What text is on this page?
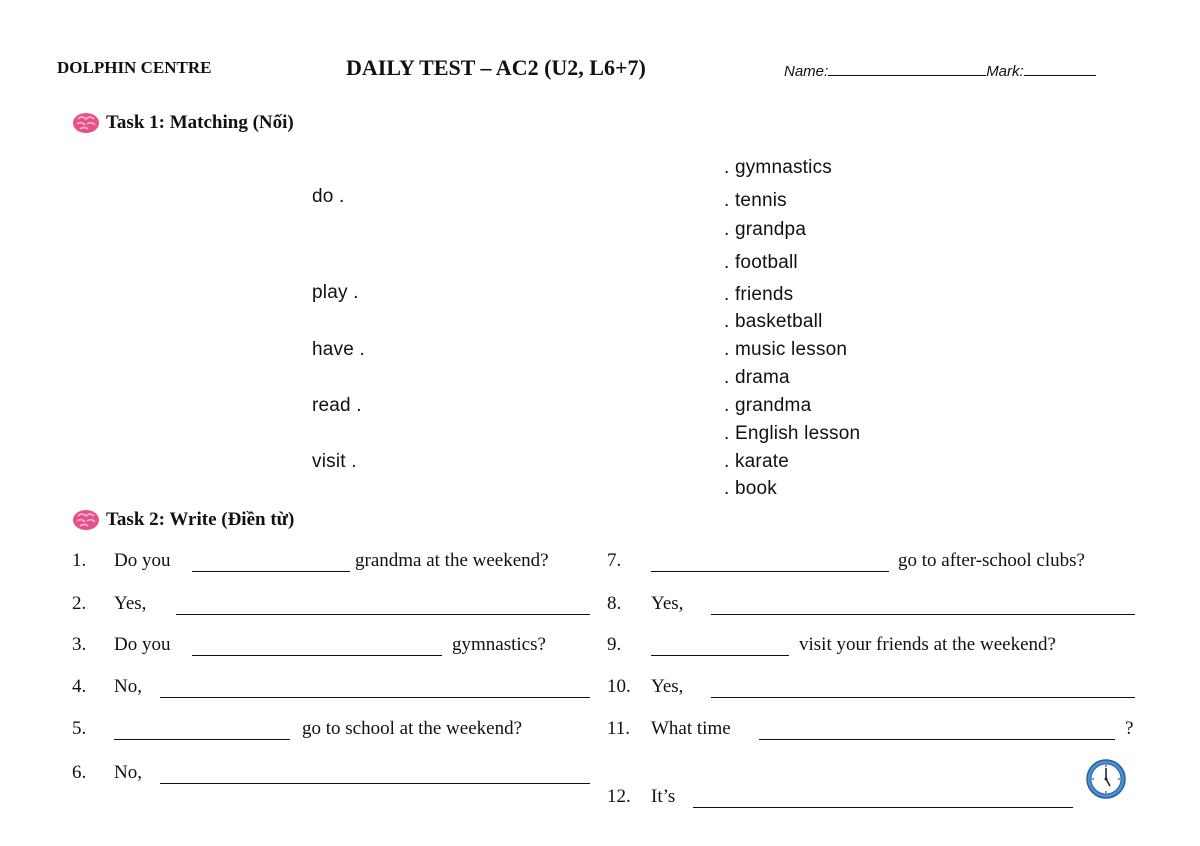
DOLPHIN CENTRE	DAILY TEST – AC2 (U2, L6+7)	Name:	Mark:
Task 1: Matching (Nối)
do .
play .
have .
read .
visit .
. gymnastics
. tennis
. grandpa
. football
. friends
. basketball
. music lesson
. drama
. grandma
. English lesson
. karate
. book
Task 2: Write (Điền từ)
1. Do you	grandma at the weekend?
2. Yes,
3. Do you	gymnastics?
4. No,
5.	go to school at the weekend?
6. No,
7.	go to after-school clubs?
8. Yes,
9.	visit your friends at the weekend?
10. Yes,
11. What time	?
12. It’s
